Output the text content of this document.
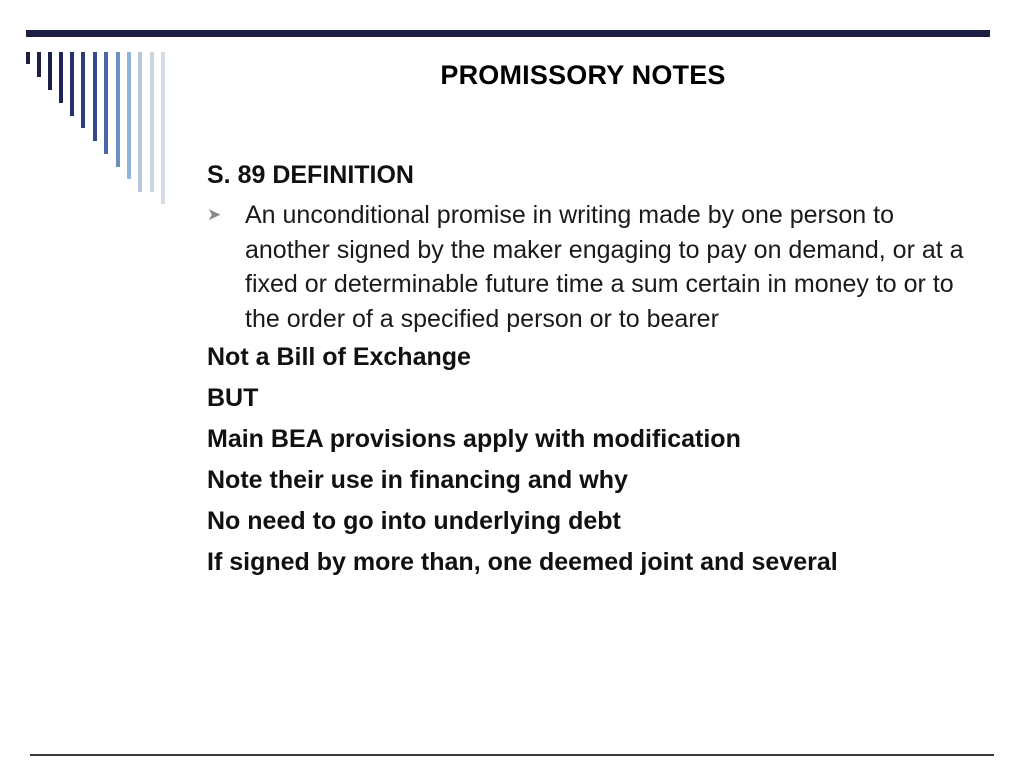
PROMISSORY NOTES
S. 89 DEFINITION
➤ An unconditional promise in writing made by one person to another signed by the maker engaging to pay on demand, or at a fixed or determinable future time a sum certain in money to or to the order of a specified person or to bearer
Not a Bill of Exchange
BUT
Main BEA provisions apply with modification
Note their use in financing and why
No need to go into underlying debt
If signed by more than, one deemed joint and several
